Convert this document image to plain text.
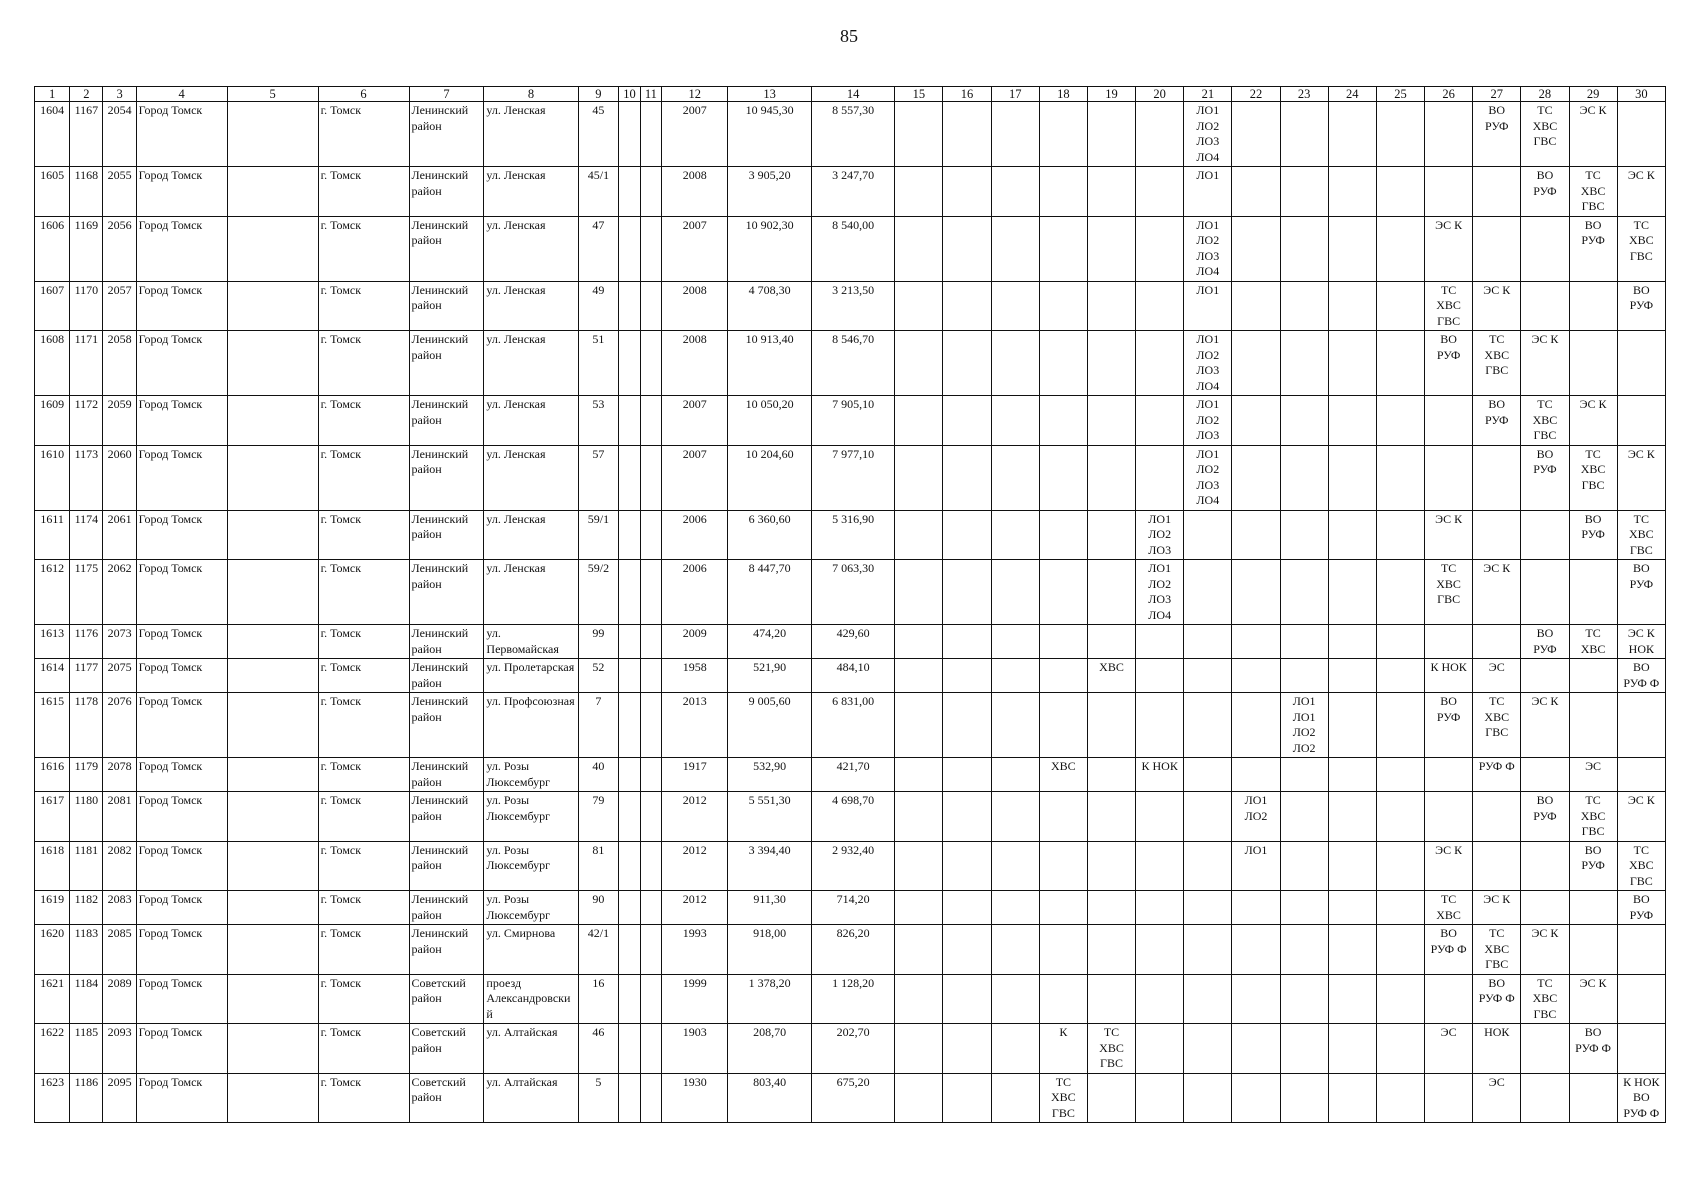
85
1	2	3	4	5	6	7	8	9	10	11	12	13	14	15	16	17	18	19	20	21	22	23	24	25	26	27	28	29	30
1604	1167	2054	Город Томск		г. Томск	Ленинский район	ул. Ленская	45			2007	10 945,30	8 557,30							ЛО1
ЛО2
ЛО3
ЛО4						ВО
РУФ	ТС
ХВС
ГВС	ЭС К	
1605	1168	2055	Город Томск		г. Томск	Ленинский район	ул. Ленская	45/1			2008	3 905,20	3 247,70							ЛО1							ВО
РУФ	ТС
ХВС
ГВС	ЭС К
1606	1169	2056	Город Томск		г. Томск	Ленинский район	ул. Ленская	47			2007	10 902,30	8 540,00							ЛО1
ЛО2
ЛО3
ЛО4					ЭС К			ВО
РУФ	ТС
ХВС
ГВС

1607	1170	2057	Город Томск		г. Томск	Ленинский район	ул. Ленская	49			2008	4 708,30	3 213,50							ЛО1					ТС
ХВС
ГВС	ЭС К			ВО
РУФ

1608	1171	2058	Город Томск		г. Томск	Ленинский район	ул. Ленская	51			2008	10 913,40	8 546,70							ЛО1
ЛО2
ЛО3
ЛО4					ВО
РУФ	ТС
ХВС
ГВС	ЭС К		
1609	1172	2059	Город Томск		г. Томск	Ленинский район	ул. Ленская	53			2007	10 050,20	7 905,10							ЛО1
ЛО2
ЛО3						ВО
РУФ	ТС
ХВС
ГВС	ЭС К	
1610	1173	2060	Город Томск		г. Томск	Ленинский район	ул. Ленская	57			2007	10 204,60	7 977,10							ЛО1
ЛО2
ЛО3
ЛО4							ВО
РУФ	ТС
ХВС
ГВС	ЭС К
1611	1174	2061	Город Томск		г. Томск	Ленинский район	ул. Ленская	59/1			2006	6 360,60	5 316,90						ЛО1
ЛО2
ЛО3						ЭС К			ВО
РУФ	ТС
ХВС
ГВС

1612	1175	2062	Город Томск		г. Томск	Ленинский район	ул. Ленская	59/2			2006	8 447,70	7 063,30						ЛО1
ЛО2
ЛО3
ЛО4						ТС
ХВС
ГВС	ЭС К			ВО
РУФ

1613	1176	2073	Город Томск		г. Томск	Ленинский район	ул. Первомайская	99			2009	474,20	429,60														ВО
РУФ	ТС
ХВС	ЭС К
НОК

1614	1177	2075	Город Томск		г. Томск	Ленинский район	ул. Пролетарская	52			1958	521,90	484,10					ХВС							К НОК	ЭС			ВО
РУФ Ф

1615	1178	2076	Город Томск		г. Томск	Ленинский район	ул. Профсоюзная	7			2013	9 005,60	6 831,00									ЛО1
ЛО1
ЛО2
ЛО2			ВО
РУФ	ТС
ХВС
ГВС	ЭС К		
1616	1179	2078	Город Томск		г. Томск	Ленинский район	ул. Розы Люксембург	40			1917	532,90	421,70				ХВС		К НОК							РУФ Ф		ЭС	
1617	1180	2081	Город Томск		г. Томск	Ленинский район	ул. Розы Люксембург	79			2012	5 551,30	4 698,70								ЛО1
ЛО2						ВО
РУФ	ТС
ХВС
ГВС	ЭС К
1618	1181	2082	Город Томск		г. Томск	Ленинский район	ул. Розы Люксембург	81			2012	3 394,40	2 932,40								ЛО1				ЭС К			ВО
РУФ	ТС
ХВС
ГВС

1619	1182	2083	Город Томск		г. Томск	Ленинский район	ул. Розы Люксембург	90			2012	911,30	714,20												ТС
ХВС	ЭС К			ВО
РУФ

1620	1183	2085	Город Томск		г. Томск	Ленинский район	ул. Смирнова	42/1			1993	918,00	826,20												ВО
РУФ Ф	ТС
ХВС
ГВС	ЭС К		
1621	1184	2089	Город Томск		г. Томск	Советский район	проезд Александровский	16			1999	1 378,20	1 128,20													ВО
РУФ Ф	ТС
ХВС
ГВС	ЭС К	
1622	1185	2093	Город Томск		г. Томск	Советский район	ул. Алтайская	46			1903	208,70	202,70				К	ТС
ХВС
ГВС							ЭС	НОК		ВО
РУФ Ф	

1623	1186	2095	Город Томск		г. Томск	Советский район	ул. Алтайская	5			1930	803,40	675,20				ТС
ХВС
ГВС									ЭС			К НОК
ВО
РУФ Ф
